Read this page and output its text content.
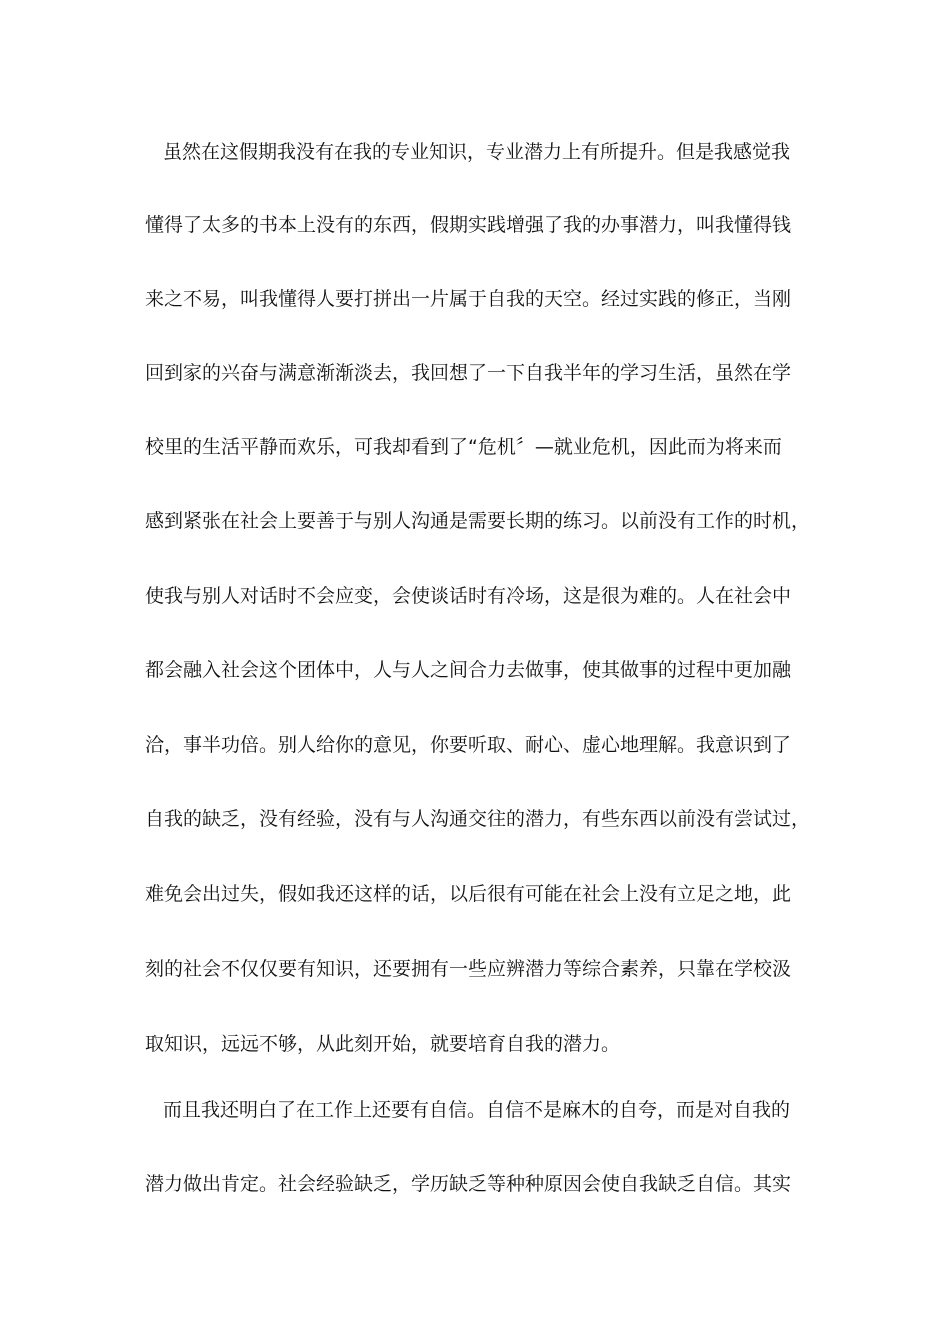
虽然在这假期我没有在我的专业知识，专业潜力上有所提升。但是我感觉我
懂得了太多的书本上没有的东西，假期实践增强了我的办事潜力，叫我懂得钱
来之不易，叫我懂得人要打拼出一片属于自我的天空。经过实践的修正，当刚
回到家的兴奋与满意渐渐淡去，我回想了一下自我半年的学习生活，虽然在学
校里的生活平静而欢乐，可我却看到了“危机〞—就业危机，因此而为将来而
感到紧张在社会上要善于与别人沟通是需要长期的练习。以前没有工作的时机，
使我与别人对话时不会应变，会使谈话时有冷场，这是很为难的。人在社会中
都会融入社会这个团体中，人与人之间合力去做事，使其做事的过程中更加融
洽，事半功倍。别人给你的意见，你要听取、耐心、虚心地理解。我意识到了
自我的缺乏，没有经验，没有与人沟通交往的潜力，有些东西以前没有尝试过，
难免会出过失，假如我还这样的话，以后很有可能在社会上没有立足之地，此
刻的社会不仅仅要有知识，还要拥有一些应辨潜力等综合素养，只靠在学校汲
取知识，远远不够，从此刻开始，就要培育自我的潜力。
而且我还明白了在工作上还要有自信。自信不是麻木的自夸，而是对自我的
潜力做出肯定。社会经验缺乏，学历缺乏等种种原因会使自我缺乏自信。其实
